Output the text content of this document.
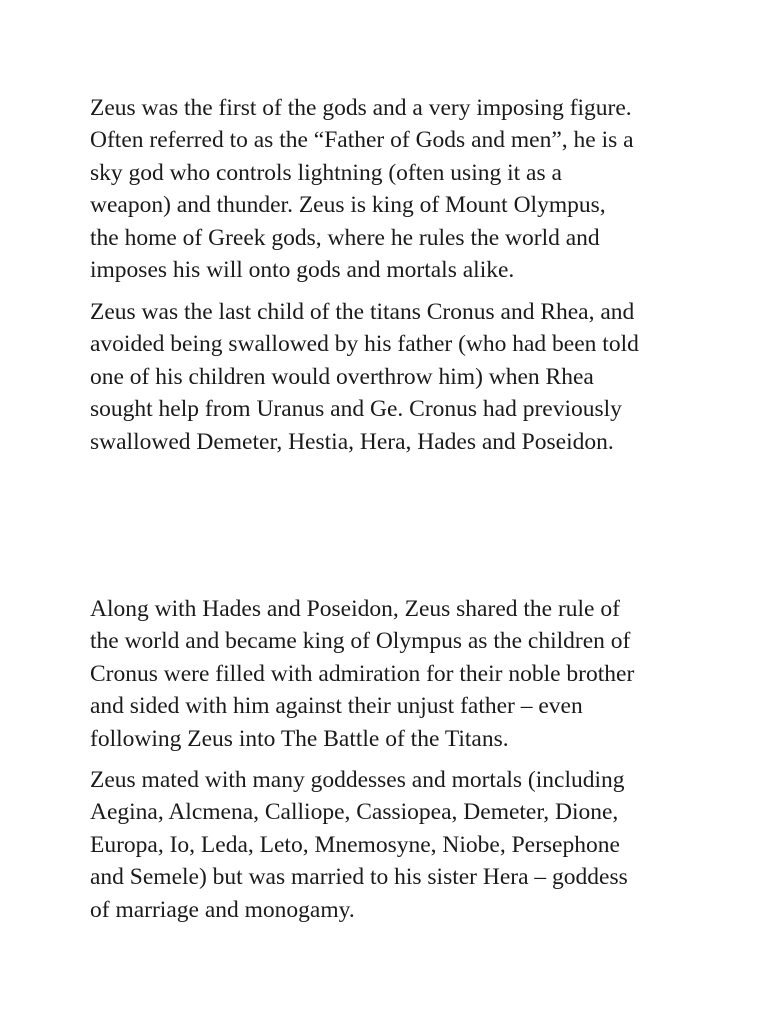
Zeus was the first of the gods and a very imposing figure.
Often referred to as the “Father of Gods and men”, he is a
sky god who controls lightning (often using it as a
weapon) and thunder. Zeus is king of Mount Olympus,
the home of Greek gods, where he rules the world and
imposes his will onto gods and mortals alike.

Zeus was the last child of the titans Cronus and Rhea, and
avoided being swallowed by his father (who had been told
one of his children would overthrow him) when Rhea
sought help from Uranus and Ge. Cronus had previously
swallowed Demeter, Hestia, Hera, Hades and Poseidon.

Along with Hades and Poseidon, Zeus shared the rule of
the world and became king of Olympus as the children of
Cronus were filled with admiration for their noble brother
and sided with him against their unjust father – even
following Zeus into The Battle of the Titans.

Zeus mated with many goddesses and mortals (including
Aegina, Alcmena, Calliope, Cassiopea, Demeter, Dione,
Europa, Io, Leda, Leto, Mnemosyne, Niobe, Persephone
and Semele) but was married to his sister Hera – goddess
of marriage and monogamy.
